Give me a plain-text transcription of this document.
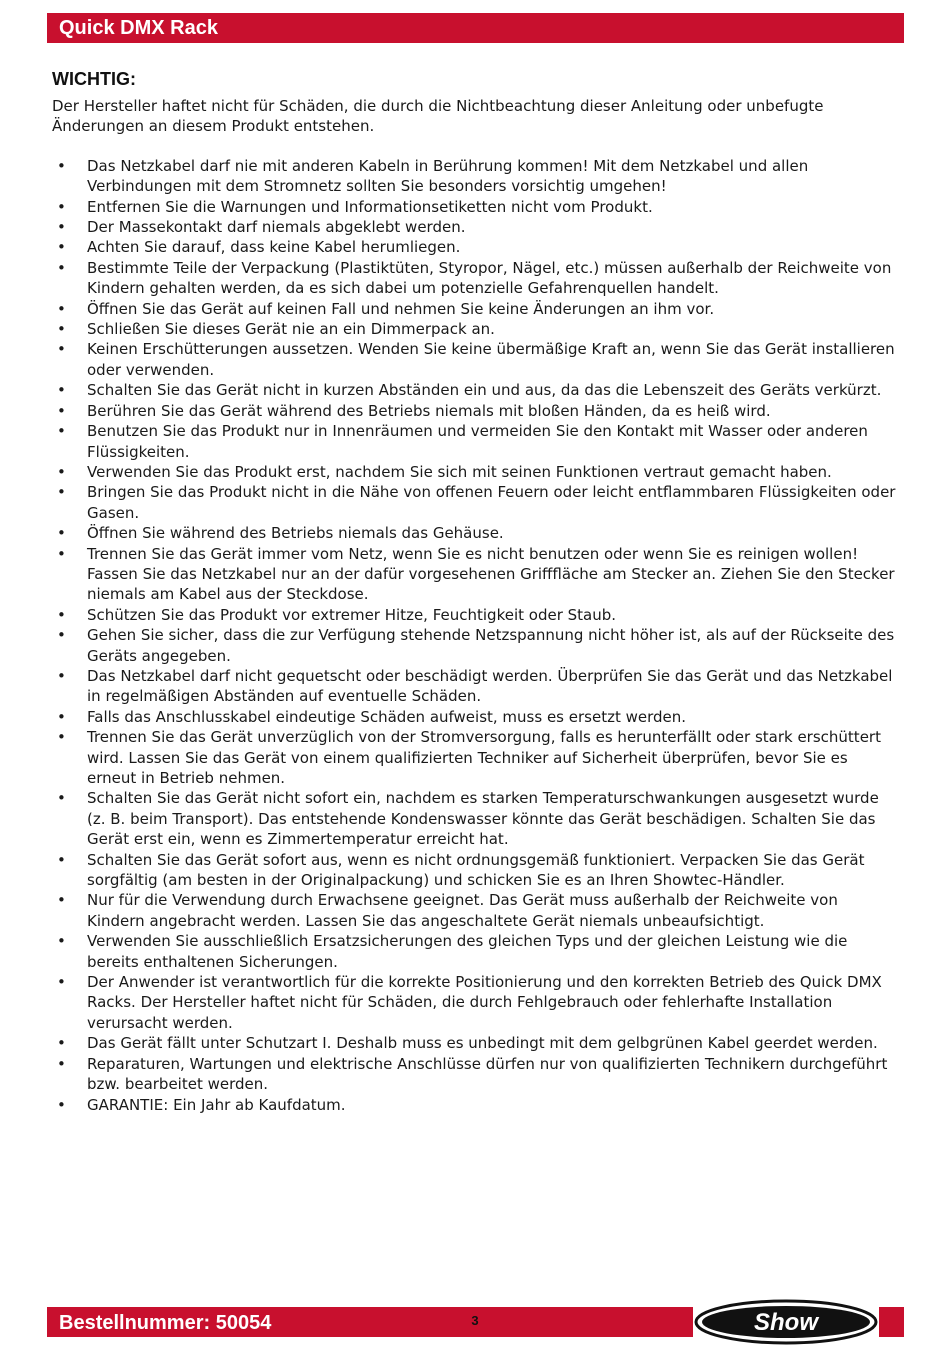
Quick DMX Rack
WICHTIG:
Der Hersteller haftet nicht für Schäden, die durch die Nichtbeachtung dieser Anleitung oder unbefugte Änderungen an diesem Produkt entstehen.
• Das Netzkabel darf nie mit anderen Kabeln in Berührung kommen! Mit dem Netzkabel und allen Verbindungen mit dem Stromnetz sollten Sie besonders vorsichtig umgehen!
• Entfernen Sie die Warnungen und Informationsetiketten nicht vom Produkt.
• Der Massekontakt darf niemals abgeklebt werden.
• Achten Sie darauf, dass keine Kabel herumliegen.
• Bestimmte Teile der Verpackung (Plastiktüten, Styropor, Nägel, etc.) müssen außerhalb der Reichweite von Kindern gehalten werden, da es sich dabei um potenzielle Gefahrenquellen handelt.
• Öffnen Sie das Gerät auf keinen Fall und nehmen Sie keine Änderungen an ihm vor.
• Schließen Sie dieses Gerät nie an ein Dimmerpack an.
• Keinen Erschütterungen aussetzen. Wenden Sie keine übermäßige Kraft an, wenn Sie das Gerät installieren oder verwenden.
• Schalten Sie das Gerät nicht in kurzen Abständen ein und aus, da das die Lebenszeit des Geräts verkürzt.
• Berühren Sie das Gerät während des Betriebs niemals mit bloßen Händen, da es heiß wird.
• Benutzen Sie das Produkt nur in Innenräumen und vermeiden Sie den Kontakt mit Wasser oder anderen Flüssigkeiten.
• Verwenden Sie das Produkt erst, nachdem Sie sich mit seinen Funktionen vertraut gemacht haben.
• Bringen Sie das Produkt nicht in die Nähe von offenen Feuern oder leicht entflammbaren Flüssigkeiten oder Gasen.
• Öffnen Sie während des Betriebs niemals das Gehäuse.
• Trennen Sie das Gerät immer vom Netz, wenn Sie es nicht benutzen oder wenn Sie es reinigen wollen! Fassen Sie das Netzkabel nur an der dafür vorgesehenen Grifffläche am Stecker an. Ziehen Sie den Stecker niemals am Kabel aus der Steckdose.
• Schützen Sie das Produkt vor extremer Hitze, Feuchtigkeit oder Staub.
• Gehen Sie sicher, dass die zur Verfügung stehende Netzspannung nicht höher ist, als auf der Rückseite des Geräts angegeben.
• Das Netzkabel darf nicht gequetscht oder beschädigt werden. Überprüfen Sie das Gerät und das Netzkabel in regelmäßigen Abständen auf eventuelle Schäden.
• Falls das Anschlusskabel eindeutige Schäden aufweist, muss es ersetzt werden.
• Trennen Sie das Gerät unverzüglich von der Stromversorgung, falls es herunterfällt oder stark erschüttert wird. Lassen Sie das Gerät von einem qualifizierten Techniker auf Sicherheit überprüfen, bevor Sie es erneut in Betrieb nehmen.
• Schalten Sie das Gerät nicht sofort ein, nachdem es starken Temperaturschwankungen ausgesetzt wurde (z. B. beim Transport). Das entstehende Kondenswasser könnte das Gerät beschädigen. Schalten Sie das Gerät erst ein, wenn es Zimmertemperatur erreicht hat.
• Schalten Sie das Gerät sofort aus, wenn es nicht ordnungsgemäß funktioniert. Verpacken Sie das Gerät sorgfältig (am besten in der Originalpackung) und schicken Sie es an Ihren Showtec-Händler.
• Nur für die Verwendung durch Erwachsene geeignet. Das Gerät muss außerhalb der Reichweite von Kindern angebracht werden. Lassen Sie das angeschaltete Gerät niemals unbeaufsichtigt.
• Verwenden Sie ausschließlich Ersatzsicherungen des gleichen Typs und der gleichen Leistung wie die bereits enthaltenen Sicherungen.
• Der Anwender ist verantwortlich für die korrekte Positionierung und den korrekten Betrieb des Quick DMX Racks. Der Hersteller haftet nicht für Schäden, die durch Fehlgebrauch oder fehlerhafte Installation verursacht werden.
• Das Gerät fällt unter Schutzart I. Deshalb muss es unbedingt mit dem gelbgrünen Kabel geerdet werden.
• Reparaturen, Wartungen und elektrische Anschlüsse dürfen nur von qualifizierten Technikern durchgeführt bzw. bearbeitet werden.
• GARANTIE: Ein Jahr ab Kaufdatum.
Bestellnummer: 50054	3	Show
